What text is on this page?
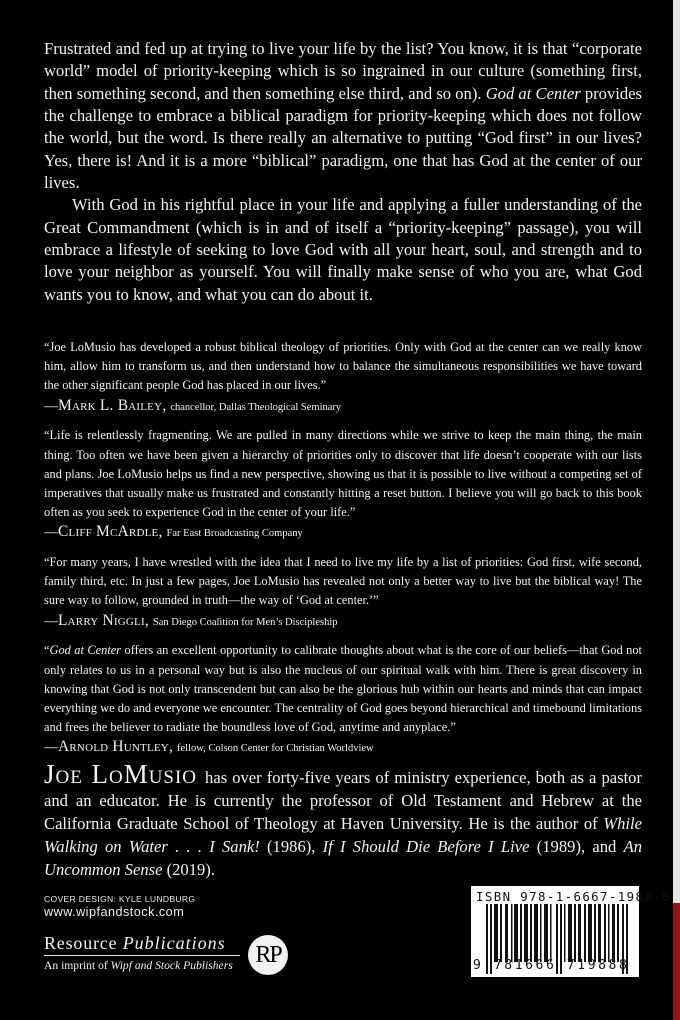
Frustrated and fed up at trying to live your life by the list? You know, it is that “corporate world” model of priority-keeping which is so ingrained in our culture (something first, then something second, and then something else third, and so on). God at Center provides the challenge to embrace a biblical paradigm for priority-keeping which does not follow the world, but the word. Is there really an alternative to putting “God first” in our lives? Yes, there is! And it is a more “biblical” paradigm, one that has God at the center of our lives.

With God in his rightful place in your life and applying a fuller understanding of the Great Commandment (which is in and of itself a “priority-keeping” passage), you will embrace a lifestyle of seeking to love God with all your heart, soul, and strength and to love your neighbor as yourself. You will finally make sense of who you are, what God wants you to know, and what you can do about it.

“Joe LoMusio has developed a robust biblical theology of priorities. Only with God at the center can we really know him, allow him to transform us, and then understand how to balance the simultaneous responsibilities we have toward the other significant people God has placed in our lives.”

—Mark L. Bailey, chancellor, Dallas Theological Seminary

“Life is relentlessly fragmenting. We are pulled in many directions while we strive to keep the main thing, the main thing. Too often we have been given a hierarchy of priorities only to discover that life doesn’t cooperate with our lists and plans. Joe LoMusio helps us find a new perspective, showing us that it is possible to live without a competing set of imperatives that usually make us frustrated and constantly hitting a reset button. I believe you will go back to this book often as you seek to experience God in the center of your life.”

—Cliff McArdle, Far East Broadcasting Company

“For many years, I have wrestled with the idea that I need to live my life by a list of priorities: God first, wife second, family third, etc. In just a few pages, Joe LoMusio has revealed not only a better way to live but the biblical way! The sure way to follow, grounded in truth—the way of ‘God at center.’”

—Larry Niggli, San Diego Coalition for Men’s Discipleship

“God at Center offers an excellent opportunity to calibrate thoughts about what is the core of our beliefs—that God not only relates to us in a personal way but is also the nucleus of our spiritual walk with him. There is great discovery in knowing that God is not only transcendent but can also be the glorious hub within our hearts and minds that can impact everything we do and everyone we encounter. The centrality of God goes beyond hierarchical and timebound limitations and frees the believer to radiate the boundless love of God, anytime and anyplace.”

—Arnold Huntley, fellow, Colson Center for Christian Worldview

Joe LoMusio has over forty-five years of ministry experience, both as a pastor and an educator. He is currently the professor of Old Testament and Hebrew at the California Graduate School of Theology at Haven University. He is the author of While Walking on Water . . . I Sank! (1986), If I Should Die Before I Live (1989), and An Uncommon Sense (2019).

COVER DESIGN: KYLE LUNDBURG
www.wipfandstock.com
Resource Publications
An imprint of Wipf and Stock Publishers RP
ISBN 978-1-6667-1988-8
9 781666 719888
